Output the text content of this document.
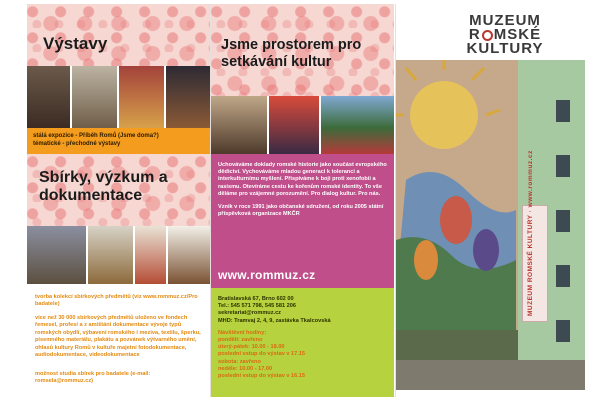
Výstavy
stálá expozice - Příběh Romů (Jsme doma?)
tématické - přechodné výstavy
Sbírky, výzkum a dokumentace
tvorba kolekcí sbírkových předmětů (viz www.rommuz.cz/Pro badatele)
více než 30 000 sbírkových předmětů uloženo ve fondech řemesel, profesí a z amištání dokumentace vývoje typů romských obydlí, výbavení romského i meziva, textilu, šperku, písemného materiálu, plakátu a pozvánek výtvarného umění, ohlasů kultury Romů v kultuře majetní fotodokumentace, audiodokumentace, videodokumentace
možnost studia sbírek pro badatele (e-mail: romsela@rommuz.cz)
Jsme prostorem pro setkávání kultur
Uchováváme doklady romské historie jako součást evropského dědictví. Vychováváme mladou generaci k toleranci a interkulturnímu myšlení. Přispíváme k boji proti xenofobii a rasismu. Otevíráme cestu ke kořenům romské identity. To vše děláme pro vzájemné porozumění. Pro dialog kultur. Pro nás.
Vznik v roce 1991 jako občanské sdružení, od roku 2005 státní příspěvková organizace MKČR
www.rommuz.cz
Bratislavská 67, Brno 602 00
Tel.: 545 571 798, 545 581 206
sekretariat@rommuz.cz
MHD: Tramvaj 2, 4, 9, zastávka Tkalcovská
Návštěvní hodiny:
pondělí: zavřeno
úterý-pátek: 10.00 - 18.00
poslední vstup do výstav v 17.15
sobota: zavřeno
neděle: 10.00 - 17.00
poslední vstup do výstav v 16.15
MUZEUM
R MSKÉ
KULTURY
MUZEUM ROMSKÉ KULTURY · www.rommuz.cz
